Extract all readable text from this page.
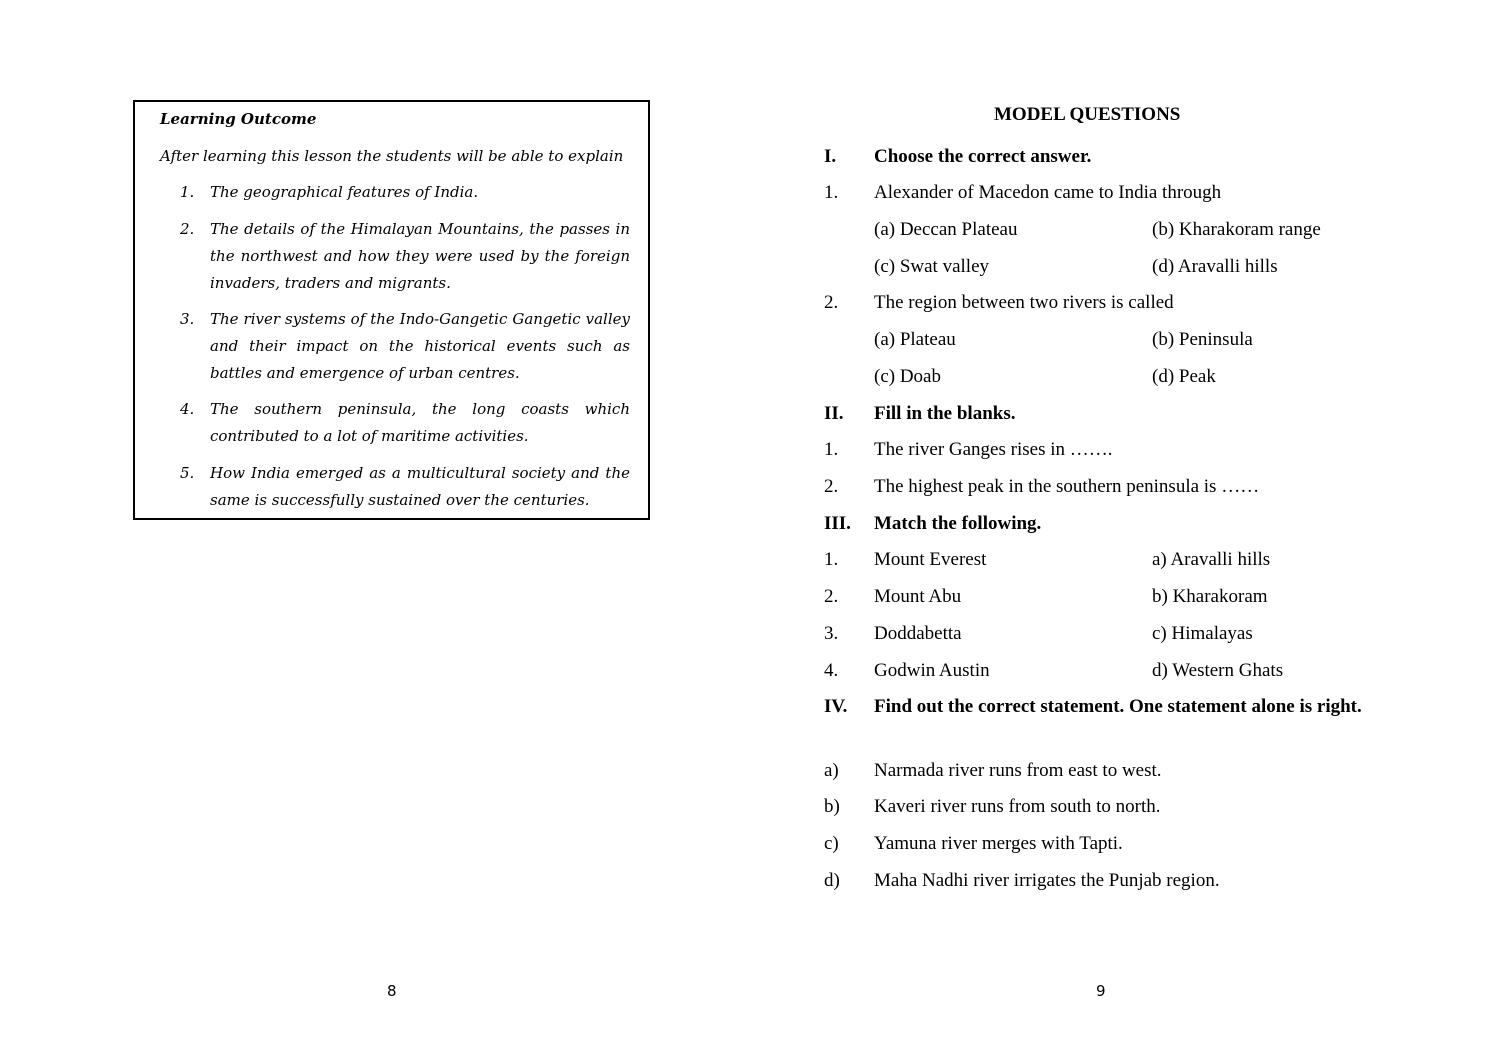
Learning Outcome
After learning this lesson the students will be able to explain
1. The geographical features of India.
2. The details of the Himalayan Mountains, the passes in the northwest and how they were used by the foreign invaders, traders and migrants.
3. The river systems of the Indo-Gangetic Gangetic valley and their impact on the historical events such as battles and emergence of urban centres.
4. The southern peninsula, the long coasts which contributed to a lot of maritime activities.
5. How India emerged as a multicultural society and the same is successfully sustained over the centuries.
8
MODEL QUESTIONS
I. Choose the correct answer.
1. Alexander of Macedon came to India through
(a) Deccan Plateau	(b) Kharakoram range
(c) Swat valley	(d) Aravalli hills
2. The region between two rivers is called
(a) Plateau	(b) Peninsula
(c) Doab	(d) Peak
II. Fill in the blanks.
1. The river Ganges rises in …….
2. The highest peak in the southern peninsula is ……
III. Match the following.
1. Mount Everest	a) Aravalli hills
2. Mount Abu	b) Kharakoram
3. Doddabetta	c) Himalayas
4. Godwin Austin	d) Western Ghats
IV. Find out the correct statement. One statement alone is right.
a) Narmada river runs from east to west.
b) Kaveri river runs from south to north.
c) Yamuna river merges with Tapti.
d) Maha Nadhi river irrigates the Punjab region.
9
